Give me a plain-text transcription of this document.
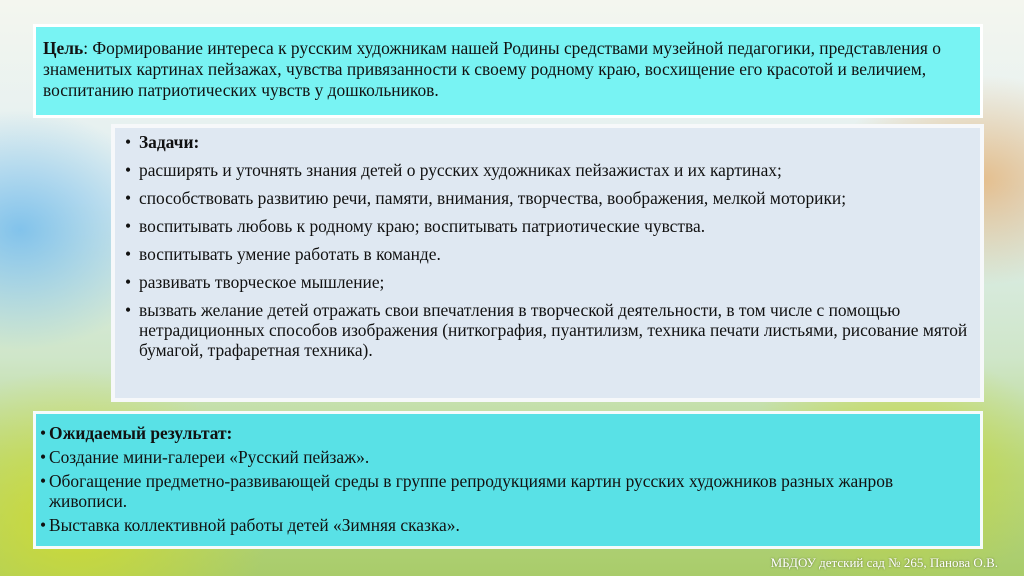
Цель: Формирование интереса к русским художникам нашей Родины средствами музейной педагогики, представления о знаменитых картинах пейзажах, чувства привязанности к своему родному краю, восхищение его красотой и величием, воспитанию патриотических чувств у дошкольников.
• Задачи:
• расширять и уточнять знания детей о русских художниках пейзажистах и их картинах;
• способствовать развитию речи, памяти, внимания, творчества, воображения, мелкой моторики;
• воспитывать любовь к родному краю; воспитывать патриотические чувства.
• воспитывать умение работать в команде.
• развивать творческое мышление;
• вызвать желание детей отражать свои впечатления в творческой деятельности, в том числе с помощью нетрадиционных способов изображения (ниткография, пуантилизм, техника печати листьями, рисование мятой бумагой, трафаретная техника).
• Ожидаемый результат:
• Создание мини-галереи «Русский пейзаж».
• Обогащение предметно-развивающей среды в группе репродукциями картин русских художников разных жанров живописи.
• Выставка коллективной работы детей «Зимняя сказка».
МБДОУ детский сад № 265, Панова О.В.
